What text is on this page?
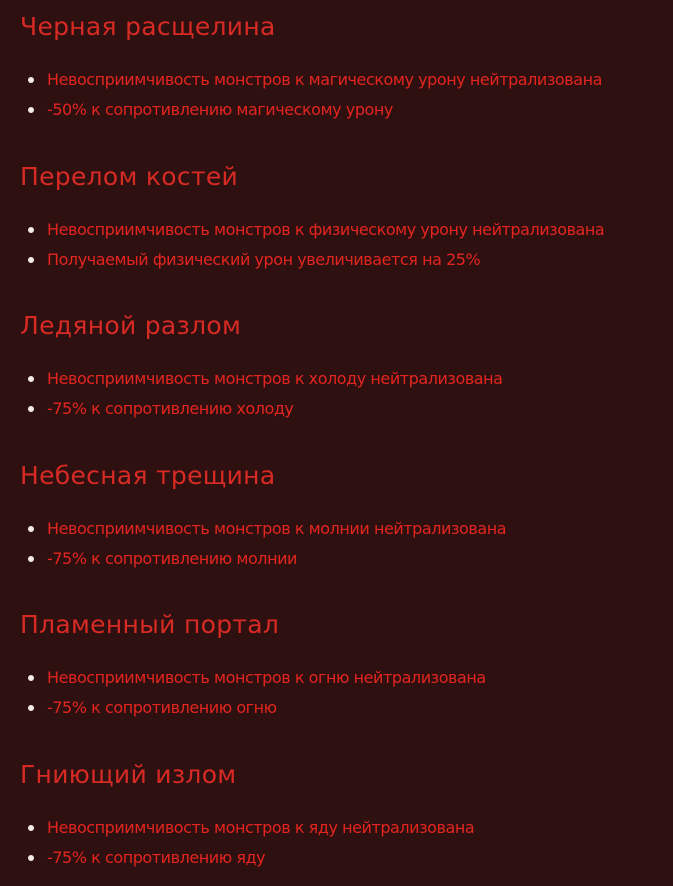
Черная расщелина
Невосприимчивость монстров к магическому урону нейтрализована
-50% к сопротивлению магическому урону
Перелом костей
Невосприимчивость монстров к физическому урону нейтрализована
Получаемый физический урон увеличивается на 25%
Ледяной разлом
Невосприимчивость монстров к холоду нейтрализована
-75% к сопротивлению холоду
Небесная трещина
Невосприимчивость монстров к молнии нейтрализована
-75% к сопротивлению молнии
Пламенный портал
Невосприимчивость монстров к огню нейтрализована
-75% к сопротивлению огню
Гниющий излом
Невосприимчивость монстров к яду нейтрализована
-75% к сопротивлению яду
